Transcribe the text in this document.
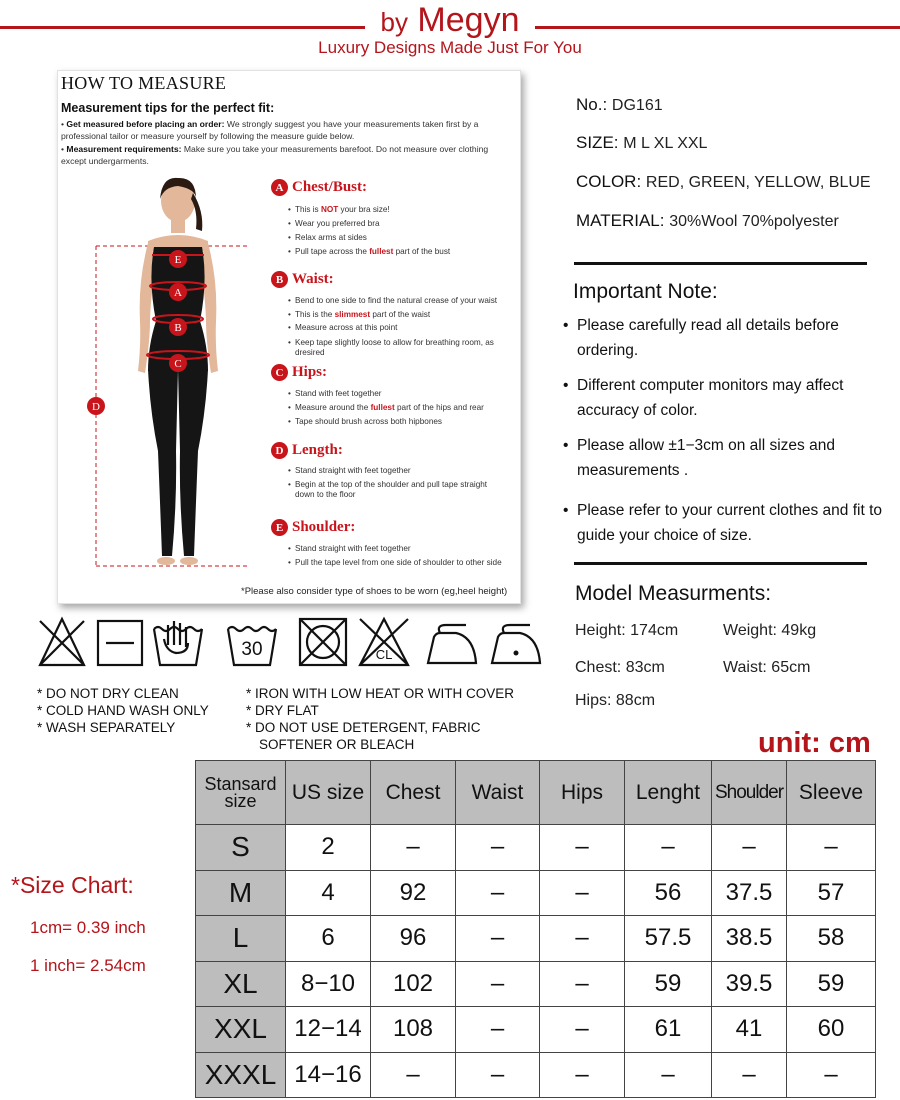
by Megyn
Luxury Designs Made Just For You
HOW TO MEASURE
Measurement tips for the perfect fit:
• Get measured before placing an order: We strongly suggest you have your measurements taken first by a professional tailor or measure yourself by following the measure guide below.
• Measurement requirements: Make sure you take your measurements barefoot. Do not measure over clothing except undergarments.
E
A
B
C
D
A Chest/Bust:
• This is NOT your bra size!
• Wear you preferred bra
• Relax arms at sides
• Pull tape across the fullest part of the bust
B Waist:
• Bend to one side to find the natural crease of your waist
• This is the slimmest part of the waist
• Measure across at this point
• Keep tape slightly loose to allow for breathing room, as dresired
C Hips:
• Stand with feet together
• Measure around the fullest part of the hips and rear
• Tape should brush across both hipbones
D Length:
• Stand straight with feet together
• Begin at the top of the shoulder and pull tape straight down to the floor
E Shoulder:
• Stand straight with feet together
• Pull the tape level from one side of shoulder to other side
*Please also consider type of shoes to be worn (eg,heel height)
No.: DG161
SIZE: M L XL XXL
COLOR: RED, GREEN, YELLOW, BLUE
MATERIAL: 30%Wool 70%polyester
Important Note:
• Please carefully read all details before ordering.
• Different computer monitors may affect accuracy of color.
• Please allow ±1−3cm on all sizes and measurements .
• Please refer to your current clothes and fit to guide your choice of size.
Model Measurments:
Height: 174cm	Weight: 49kg
Chest: 83cm	Waist: 65cm
Hips: 88cm
30	CL
* DO NOT DRY CLEAN
* COLD HAND WASH ONLY
* WASH SEPARATELY
* IRON WITH LOW HEAT OR WITH COVER
* DRY FLAT
* DO NOT USE DETERGENT, FABRIC
SOFTENER OR BLEACH	unit: cm
*Size Chart:
1cm= 0.39 inch
1 inch= 2.54cm
Stansard size	US size	Chest	Waist	Hips	Lenght	Shoulder	Sleeve
S	2	–	–	–	–	–	–
M	4	92	–	–	56	37.5	57
L	6	96	–	–	57.5	38.5	58
XL	8−10	102	–	–	59	39.5	59
XXL	12−14	108	–	–	61	41	60
XXXL	14−16	–	–	–	–	–	–
